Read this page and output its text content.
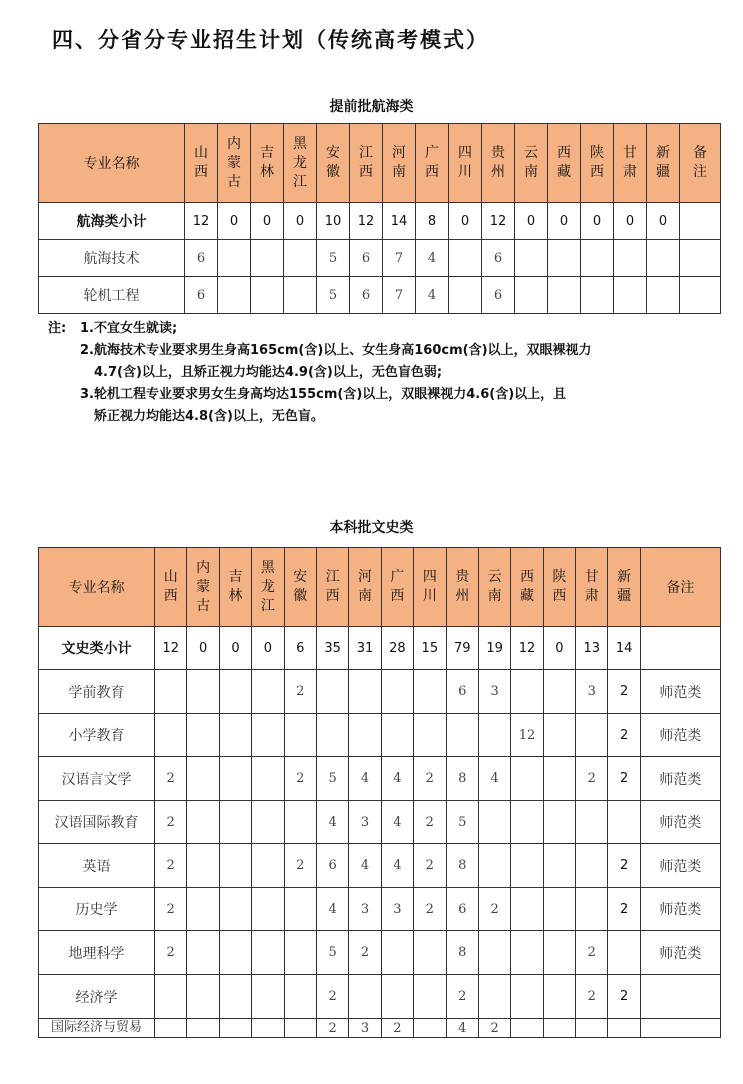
四、分省分专业招生计划（传统高考模式）
提前批航海类
专业名称	山西	内蒙古	吉林	黑龙江	安徽	江西	河南	广西	四川	贵州	云南	西藏	陕西	甘肃	新疆	备注
航海类小计	12	0	0	0	10	12	14	8	0	12	0	0	0	0	0	
航海技术	6				5	6	7	4		6						
轮机工程	6				5	6	7	4		6						
注:	1.不宜女生就读;
2.航海技术专业要求男生身高165cm(含)以上、女生身高160cm(含)以上，双眼裸视力
4.7(含)以上，且矫正视力均能达4.9(含)以上，无色盲色弱;
3.轮机工程专业要求男女生身高均达155cm(含)以上，双眼裸视力4.6(含)以上，且
矫正视力均能达4.8(含)以上，无色盲。
本科批文史类
专业名称	山西	内蒙古	吉林	黑龙江	安徽	江西	河南	广西	四川	贵州	云南	西藏	陕西	甘肃	新疆	备注
文史类小计	12	0	0	0	6	35	31	28	15	79	19	12	0	13	14	
学前教育					2					6	3			3	2	师范类
小学教育												12			2	师范类
汉语言文学	2				2	5	4	4	2	8	4			2	2	师范类
汉语国际教育	2					4	3	4	2	5						师范类
英语	2				2	6	4	4	2	8					2	师范类
历史学	2					4	3	3	2	6	2				2	师范类
地理科学	2					5	2			8				2		师范类
经济学						2				2				2	2	
国际经济与贸易						2	3	2		4	2					
